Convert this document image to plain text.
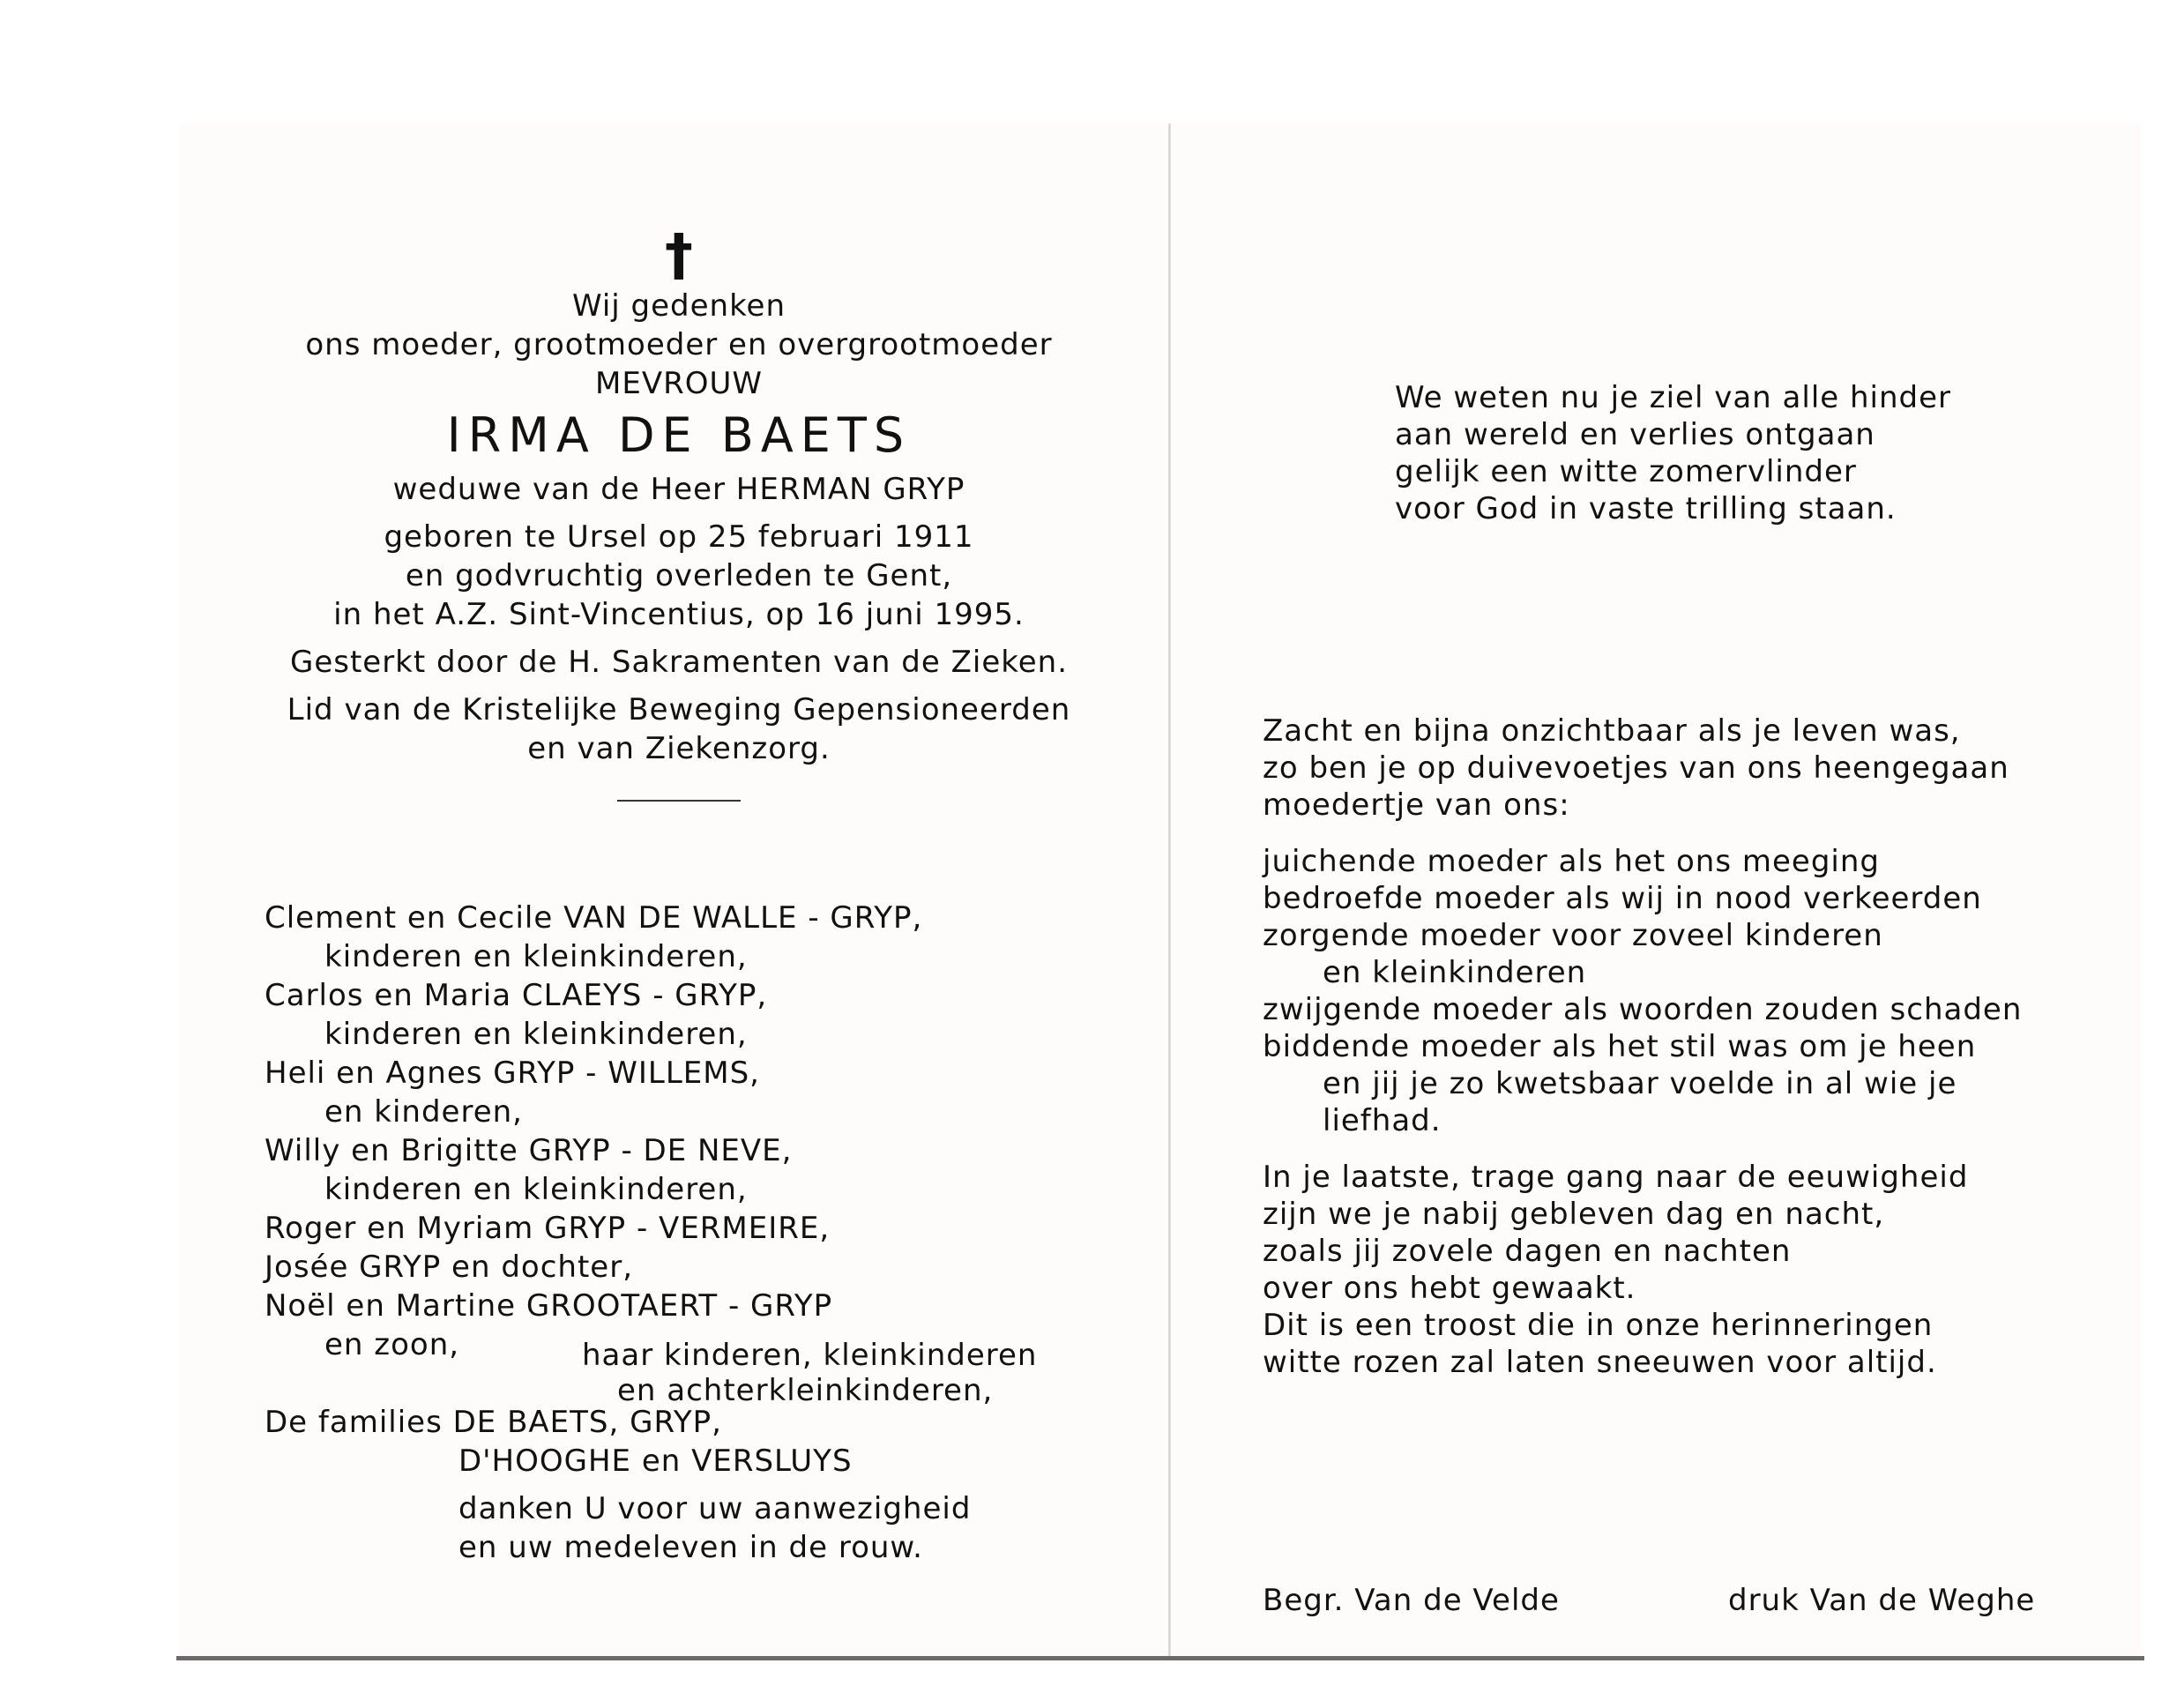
†
Wij gedenken
ons moeder, grootmoeder en overgrootmoeder
MEVROUW
IRMA DE BAETS
weduwe van de Heer HERMAN GRYP
geboren te Ursel op 25 februari 1911
en godvruchtig overleden te Gent,
in het A.Z. Sint-Vincentius, op 16 juni 1995.
Gesterkt door de H. Sakramenten van de Zieken.
Lid van de Kristelijke Beweging Gepensioneerden
en van Ziekenzorg.
Clement en Cecile VAN DE WALLE - GRYP,
kinderen en kleinkinderen,
Carlos en Maria CLAEYS - GRYP,
kinderen en kleinkinderen,
Heli en Agnes GRYP - WILLEMS,
en kinderen,
Willy en Brigitte GRYP - DE NEVE,
kinderen en kleinkinderen,
Roger en Myriam GRYP - VERMEIRE,
Josée GRYP en dochter,
Noël en Martine GROOTAERT - GRYP
en zoon,	haar kinderen, kleinkinderen
en achterkleinkinderen,
De families DE BAETS, GRYP,
D'HOOGHE en VERSLUYS
danken U voor uw aanwezigheid
en uw medeleven in de rouw.
We weten nu je ziel van alle hinder
aan wereld en verlies ontgaan
gelijk een witte zomervlinder
voor God in vaste trilling staan.
Zacht en bijna onzichtbaar als je leven was,
zo ben je op duivevoetjes van ons heengegaan
moedertje van ons:
juichende moeder als het ons meeging
bedroefde moeder als wij in nood verkeerden
zorgende moeder voor zoveel kinderen
en kleinkinderen
zwijgende moeder als woorden zouden schaden
biddende moeder als het stil was om je heen
en jij je zo kwetsbaar voelde in al wie je
liefhad.
In je laatste, trage gang naar de eeuwigheid
zijn we je nabij gebleven dag en nacht,
zoals jij zovele dagen en nachten
over ons hebt gewaakt.
Dit is een troost die in onze herinneringen
witte rozen zal laten sneeuwen voor altijd.
Begr. Van de Velde	druk Van de Weghe
